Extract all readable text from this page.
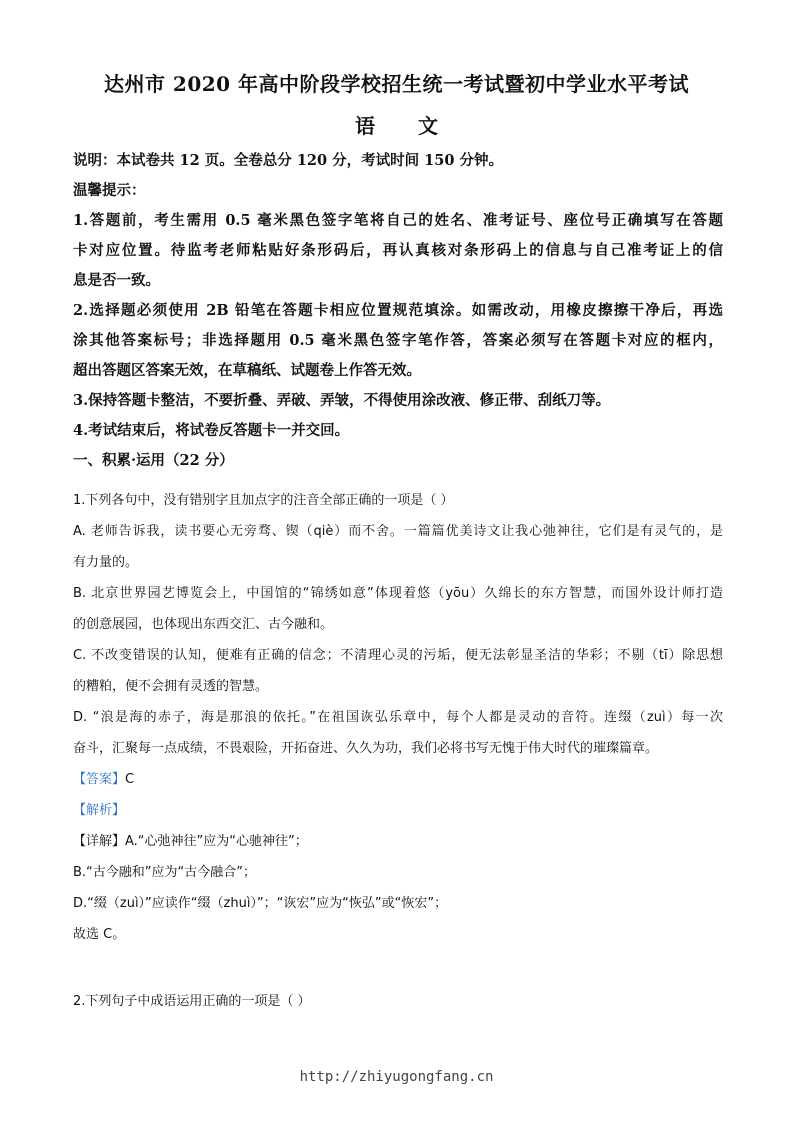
达州市 2020 年高中阶段学校招生统一考试暨初中学业水平考试
语 文
说明：本试卷共 12 页。全卷总分 120 分，考试时间 150 分钟。
温馨提示：
1.答题前，考生需用 0.5 毫米黑色签字笔将自己的姓名、准考证号、座位号正确填写在答题
卡对应位置。待监考老师粘贴好条形码后，再认真核对条形码上的信息与自己准考证上的信
息是否一致。
2.选择题必须使用 2B 铅笔在答题卡相应位置规范填涂。如需改动，用橡皮擦擦干净后，再选
涂其他答案标号；非选择题用 0.5 毫米黑色签字笔作答，答案必须写在答题卡对应的框内，
超出答题区答案无效，在草稿纸、试题卷上作答无效。
3.保持答题卡整洁，不要折叠、弄破、弄皱，不得使用涂改液、修正带、刮纸刀等。
4.考试结束后，将试卷反答题卡一并交回。
一、积累·运用（22 分）
1.下列各句中，没有错别字且加点字的注音全部正确的一项是（ ）
A. 老师告诉我，读书要心无旁骛、锲（qiè）而不舍。一篇篇优美诗文让我心弛神往，它们是有灵气的，是
有力量的。
B. 北京世界园艺博览会上，中国馆的“锦绣如意”体现着悠（yōu）久绵长的东方智慧，而国外设计师打造
的创意展园，也体现出东西交汇、古今融和。
C. 不改变错误的认知，便难有正确的信念；不清理心灵的污垢，便无法彰显圣洁的华彩；不剔（tī）除思想
的糟粕，便不会拥有灵透的智慧。
D. “浪是海的赤子，海是那浪的依托。”在祖国诙弘乐章中，每个人都是灵动的音符。连缀（zuì）每一次
奋斗，汇聚每一点成绩，不畏艰险，开拓奋进、久久为功，我们必将书写无愧于伟大时代的璀璨篇章。
【答案】C
【解析】
【详解】A.“心弛神往”应为“心驰神往”；
B.“古今融和”应为“古今融合”；
D.“缀（zuì）”应读作“缀（zhuì）”；“诙宏”应为“恢弘”或“恢宏”；
故选 C。
2.下列句子中成语运用正确的一项是（ ）
http://zhiyugongfang.cn
